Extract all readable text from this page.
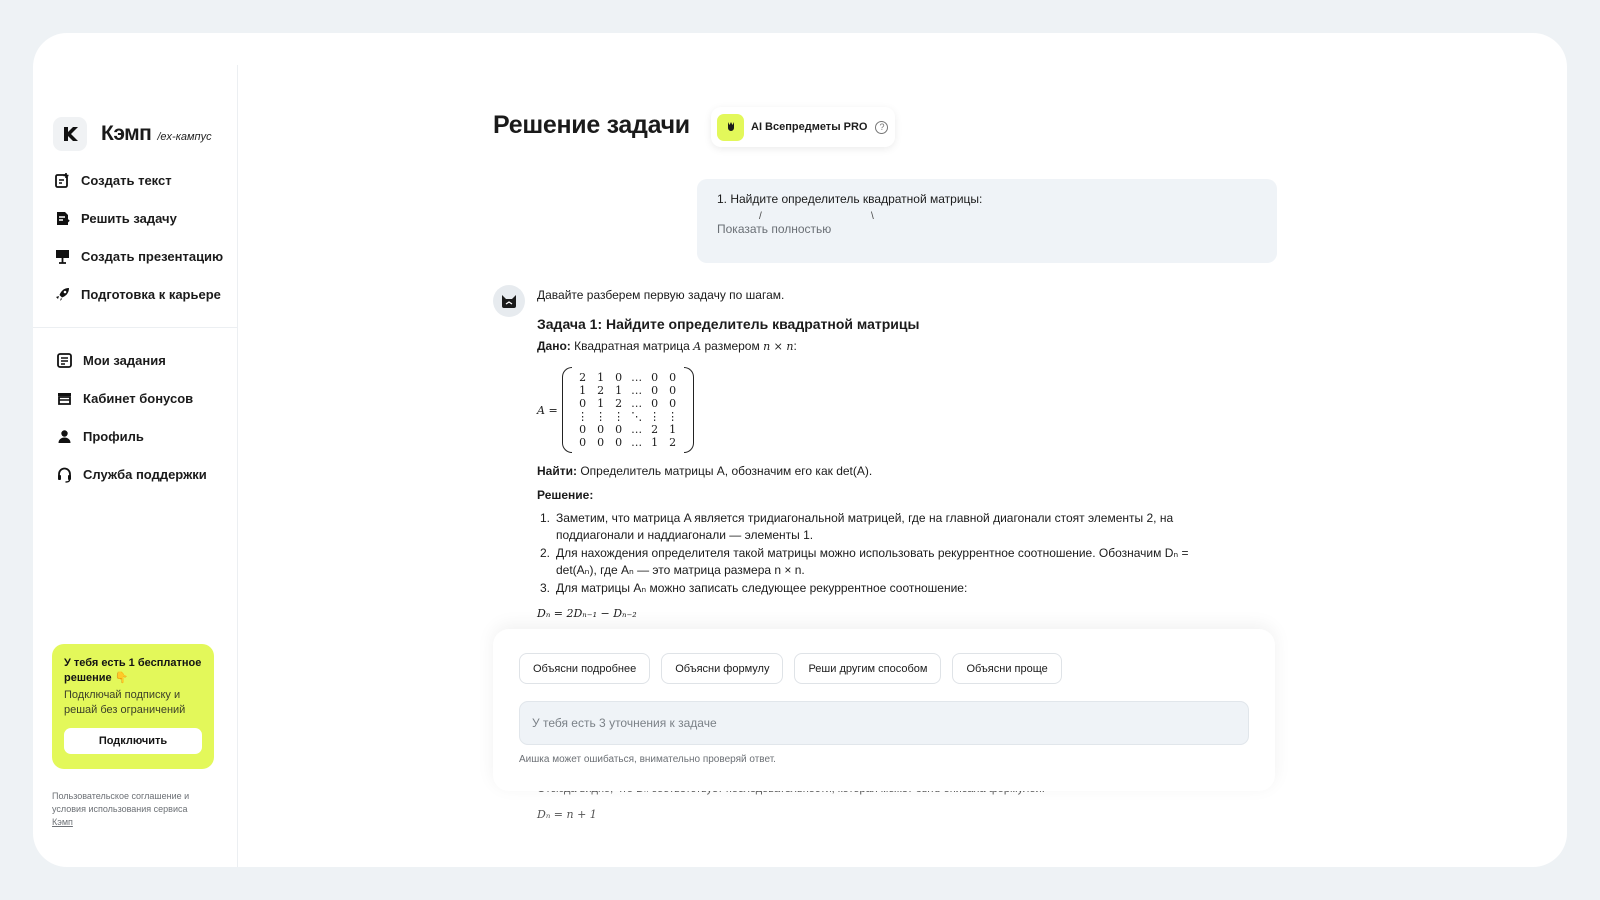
Кэмп /ex-кампус
Создать текст
Решить задачу
Создать презентацию
Подготовка к карьере
Мои задания
Кабинет бонусов
Профиль
Служба поддержки
У тебя есть 1 бесплатное решение 👇
Подключай подписку и решай без ограничений
Подключить
Пользовательское соглашение и условия использования сервиса
Кэмп
Решение задачи	AI Всепредметы PRO	?
1. Найдите определитель квадратной матрицы:
/	\
Показать полностью
Давайте разберем первую задачу по шагам.
Задача 1: Найдите определитель квадратной матрицы
Дано: Квадратная матрица A размером n × n:
A =
2	1	0 … 0	0
1	2	1 … 0	0
0	1	2 … 0	0
⋮ ⋮ ⋮ ⋱ ⋮ ⋮
0	0	0 … 2	1
0	0	0 … 1	2
Найти: Определитель матрицы A, обозначим его как det(A).
Решение:
1. Заметим, что матрица A является тридиагональной матрицей, где на главной диагонали стоят элементы 2, на поддиагонали и наддиагонали — элементы 1.
2. Для нахождения определителя такой матрицы можно использовать рекуррентное соотношение. Обозначим Dₙ = det(Aₙ), где Aₙ — это матрица размера n × n.
3. Для матрицы Aₙ можно записать следующее рекуррентное соотношение:
Dₙ = 2Dₙ₋₁ − Dₙ₋₂
Dₙ = n + 1
Объясни подробнее	Объясни формулу	Реши другим способом	Объясни проще
У тебя есть 3 уточнения к задаче
Аишка может ошибаться, внимательно проверяй ответ.
